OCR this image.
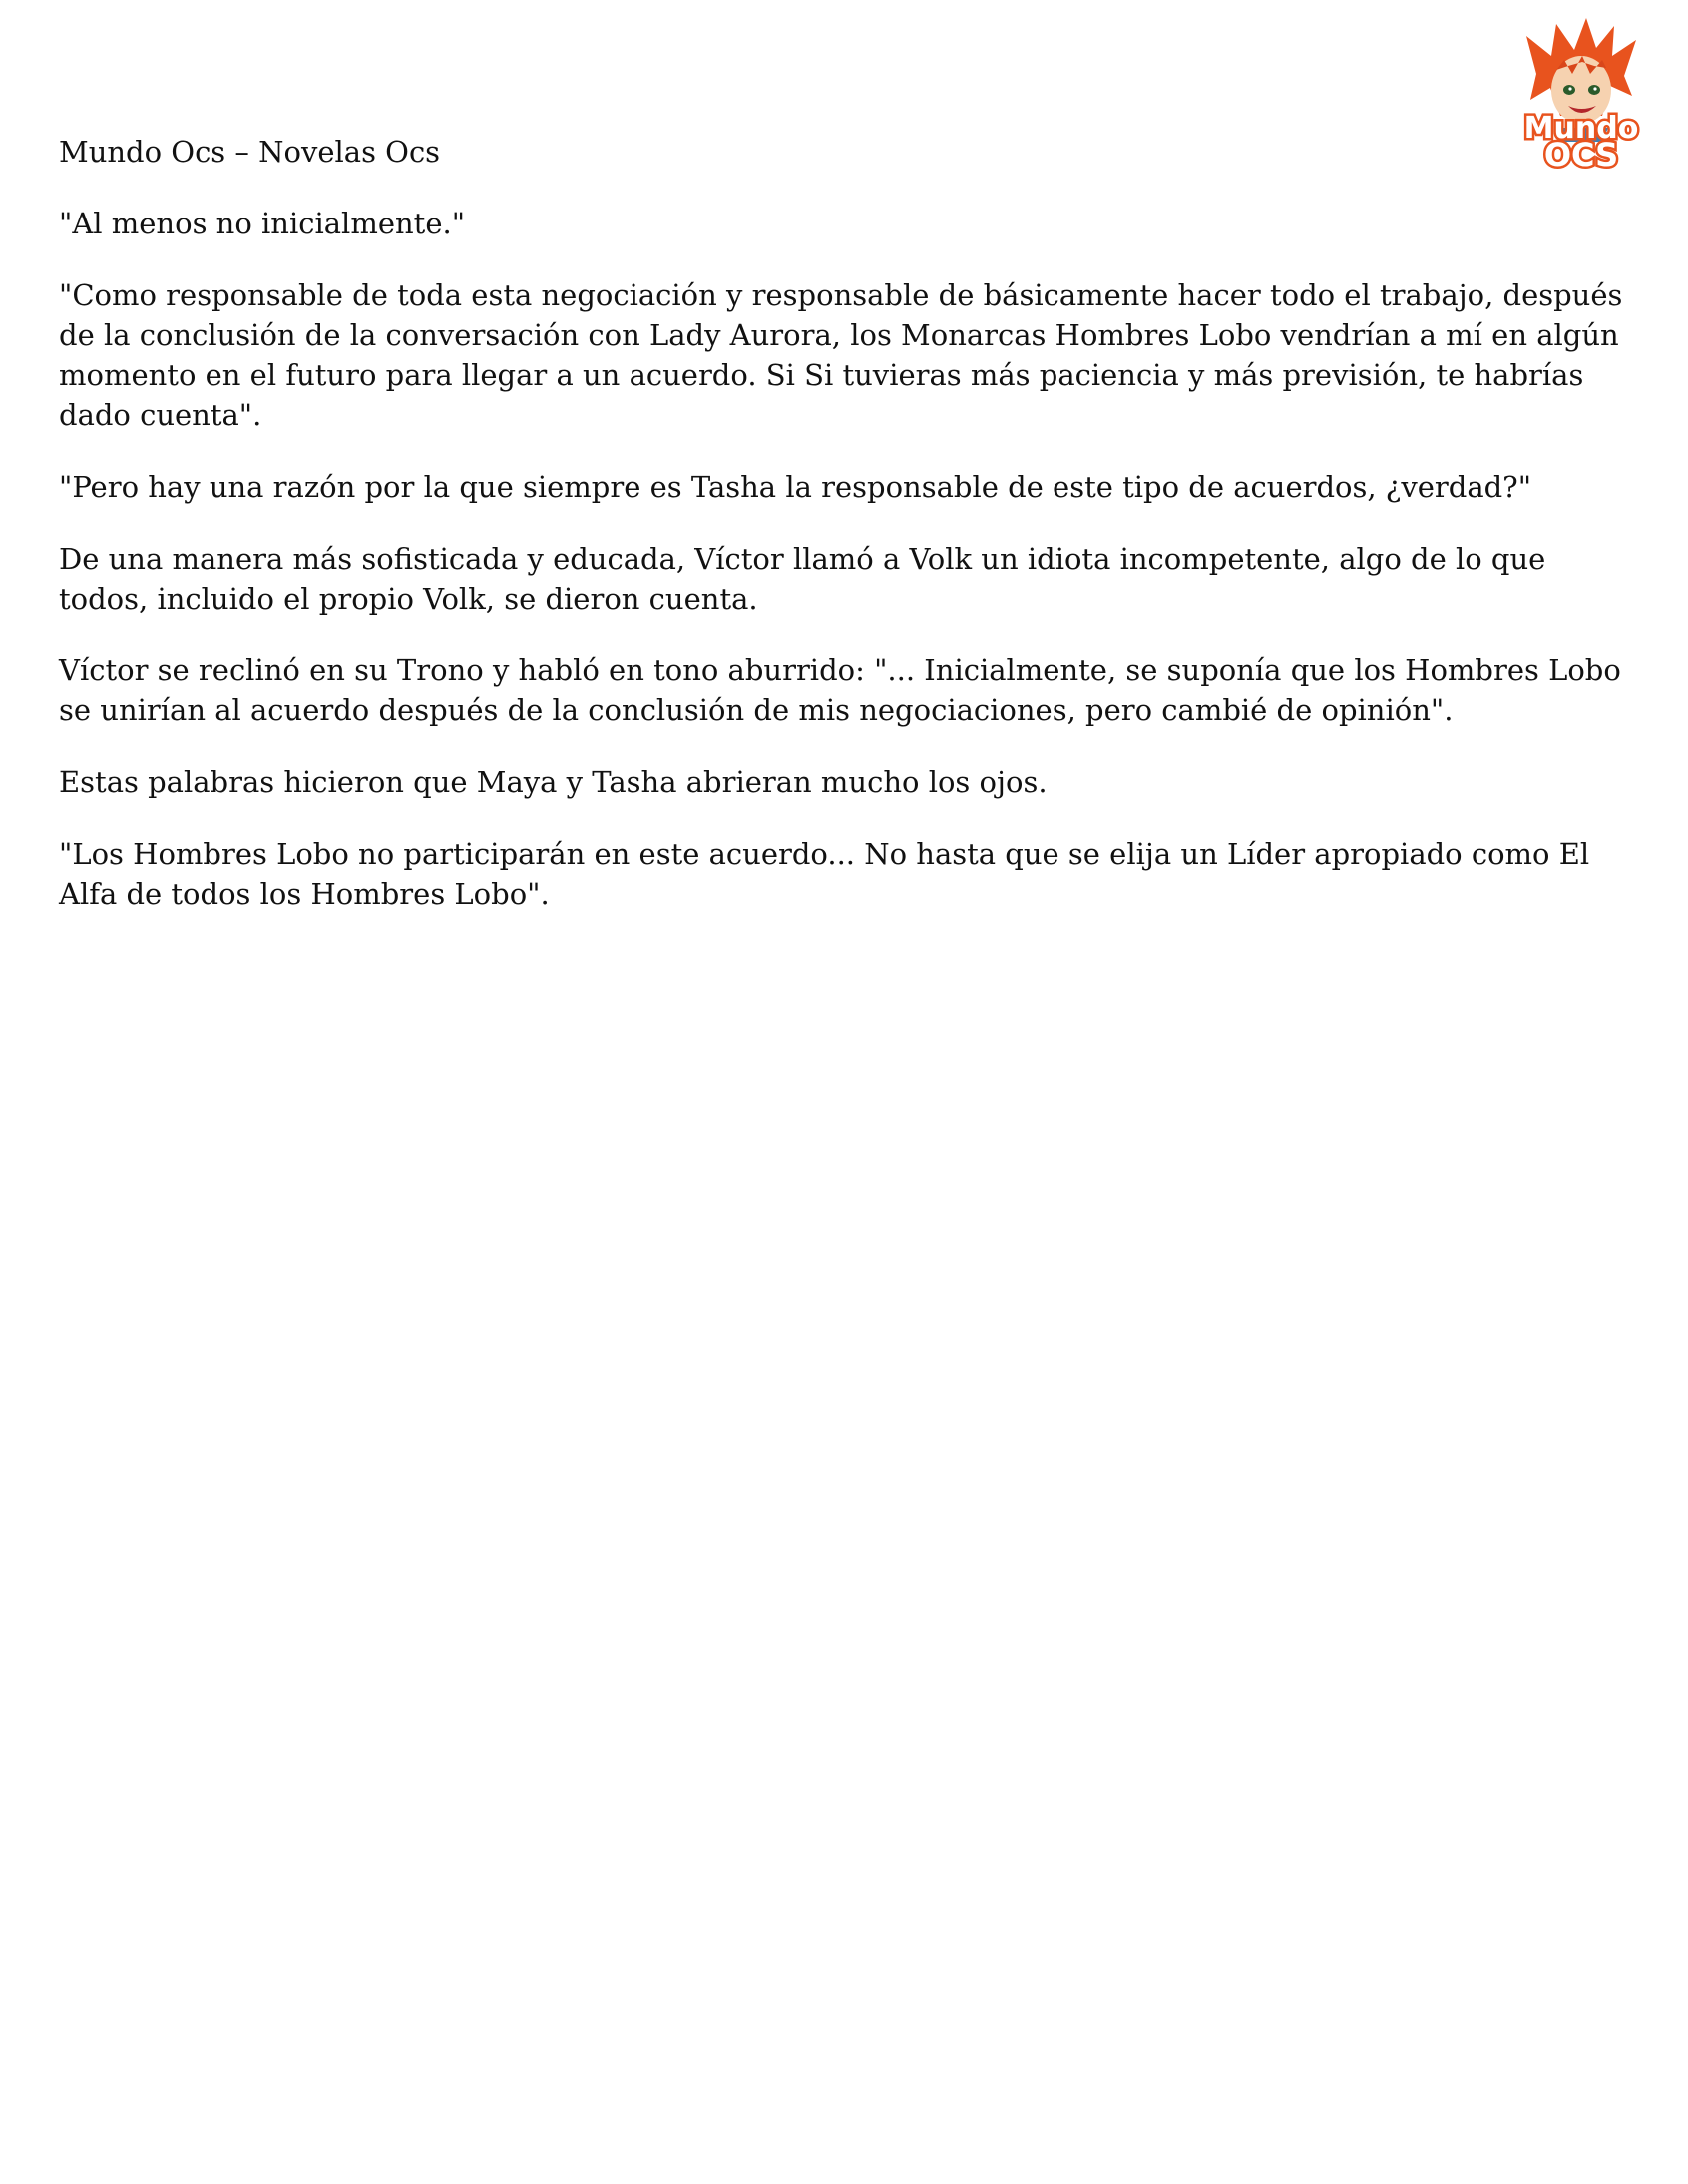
Mundo
OCS
Mundo Ocs – Novelas Ocs

"Al menos no inicialmente."

"Como responsable de toda esta negociación y responsable de básicamente hacer todo el trabajo, después de la conclusión de la conversación con Lady Aurora, los Monarcas Hombres Lobo vendrían a mí en algún momento en el futuro para llegar a un acuerdo. Si Si tuvieras más paciencia y más previsión, te habrías dado cuenta".

"Pero hay una razón por la que siempre es Tasha la responsable de este tipo de acuerdos, ¿verdad?"

De una manera más sofisticada y educada, Víctor llamó a Volk un idiota incompetente, algo de lo que todos, incluido el propio Volk, se dieron cuenta.

Víctor se reclinó en su Trono y habló en tono aburrido: "... Inicialmente, se suponía que los Hombres Lobo se unirían al acuerdo después de la conclusión de mis negociaciones, pero cambié de opinión".

Estas palabras hicieron que Maya y Tasha abrieran mucho los ojos.

"Los Hombres Lobo no participarán en este acuerdo... No hasta que se elija un Líder apropiado como El Alfa de todos los Hombres Lobo".
